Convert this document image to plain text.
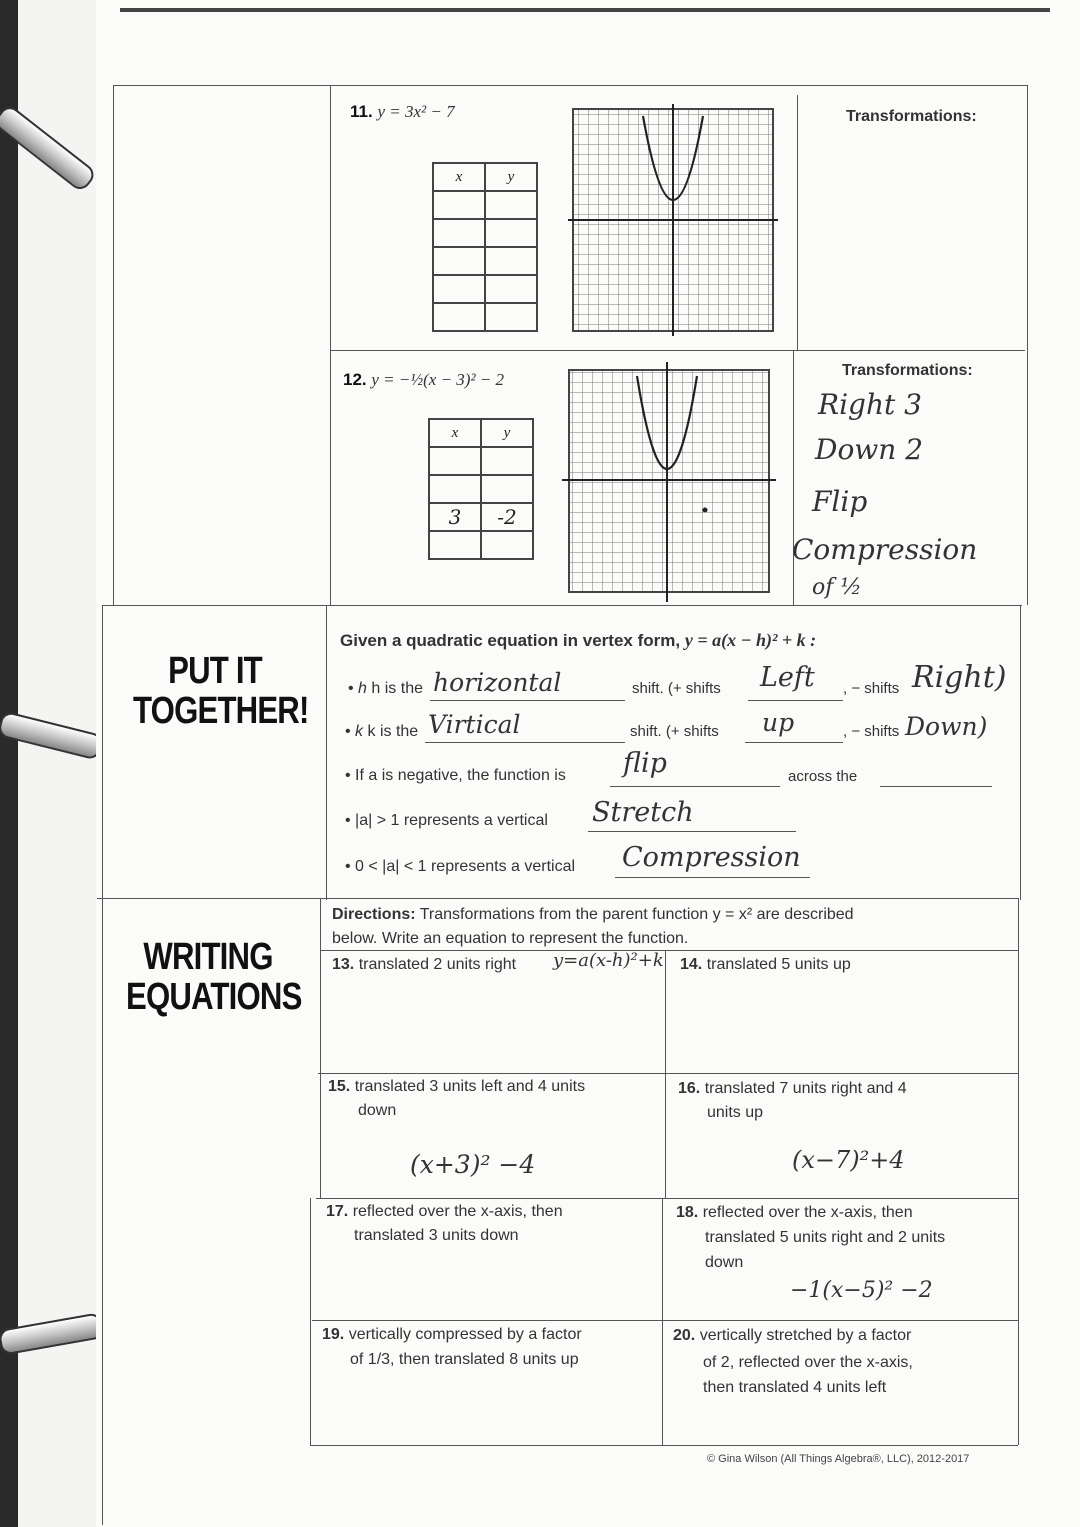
11. y = 3x² − 7
x	y

Transformations:
12. y = −½(x − 3)² − 2
x	y

3	-2

Transformations:
Right 3
Down 2
Flip
Compression
of ½
PUT IT
TOGETHER!
Given a quadratic equation in vertex form, y = a(x − h)² + k :
• h h is the horizontal	shift. (+ shifts Left , − shifts Right)
• k k is the Virtical	shift. (+ shifts up	, − shifts Down)
• If a is negative, the function is flip	across the
• |a| > 1 represents a vertical Stretch
• 0 < |a| < 1 represents a vertical Compression
WRITING
EQUATIONS
Directions: Transformations from the parent function y = x² are described
below. Write an equation to represent the function.
13. translated 2 units right y=a(x-h)²+k 14. translated 5 units up
15. translated 3 units left and 4 units
down
(x+3)² −4
16. translated 7 units right and 4
units up
(x−7)²+4
17. reflected over the x-axis, then
translated 3 units down
18. reflected over the x-axis, then
translated 5 units right and 2 units
down
−1(x−5)² −2
19. vertically compressed by a factor
of 1/3, then translated 8 units up
20. vertically stretched by a factor
of 2, reflected over the x-axis,
then translated 4 units left
© Gina Wilson (All Things Algebra®, LLC), 2012-2017
